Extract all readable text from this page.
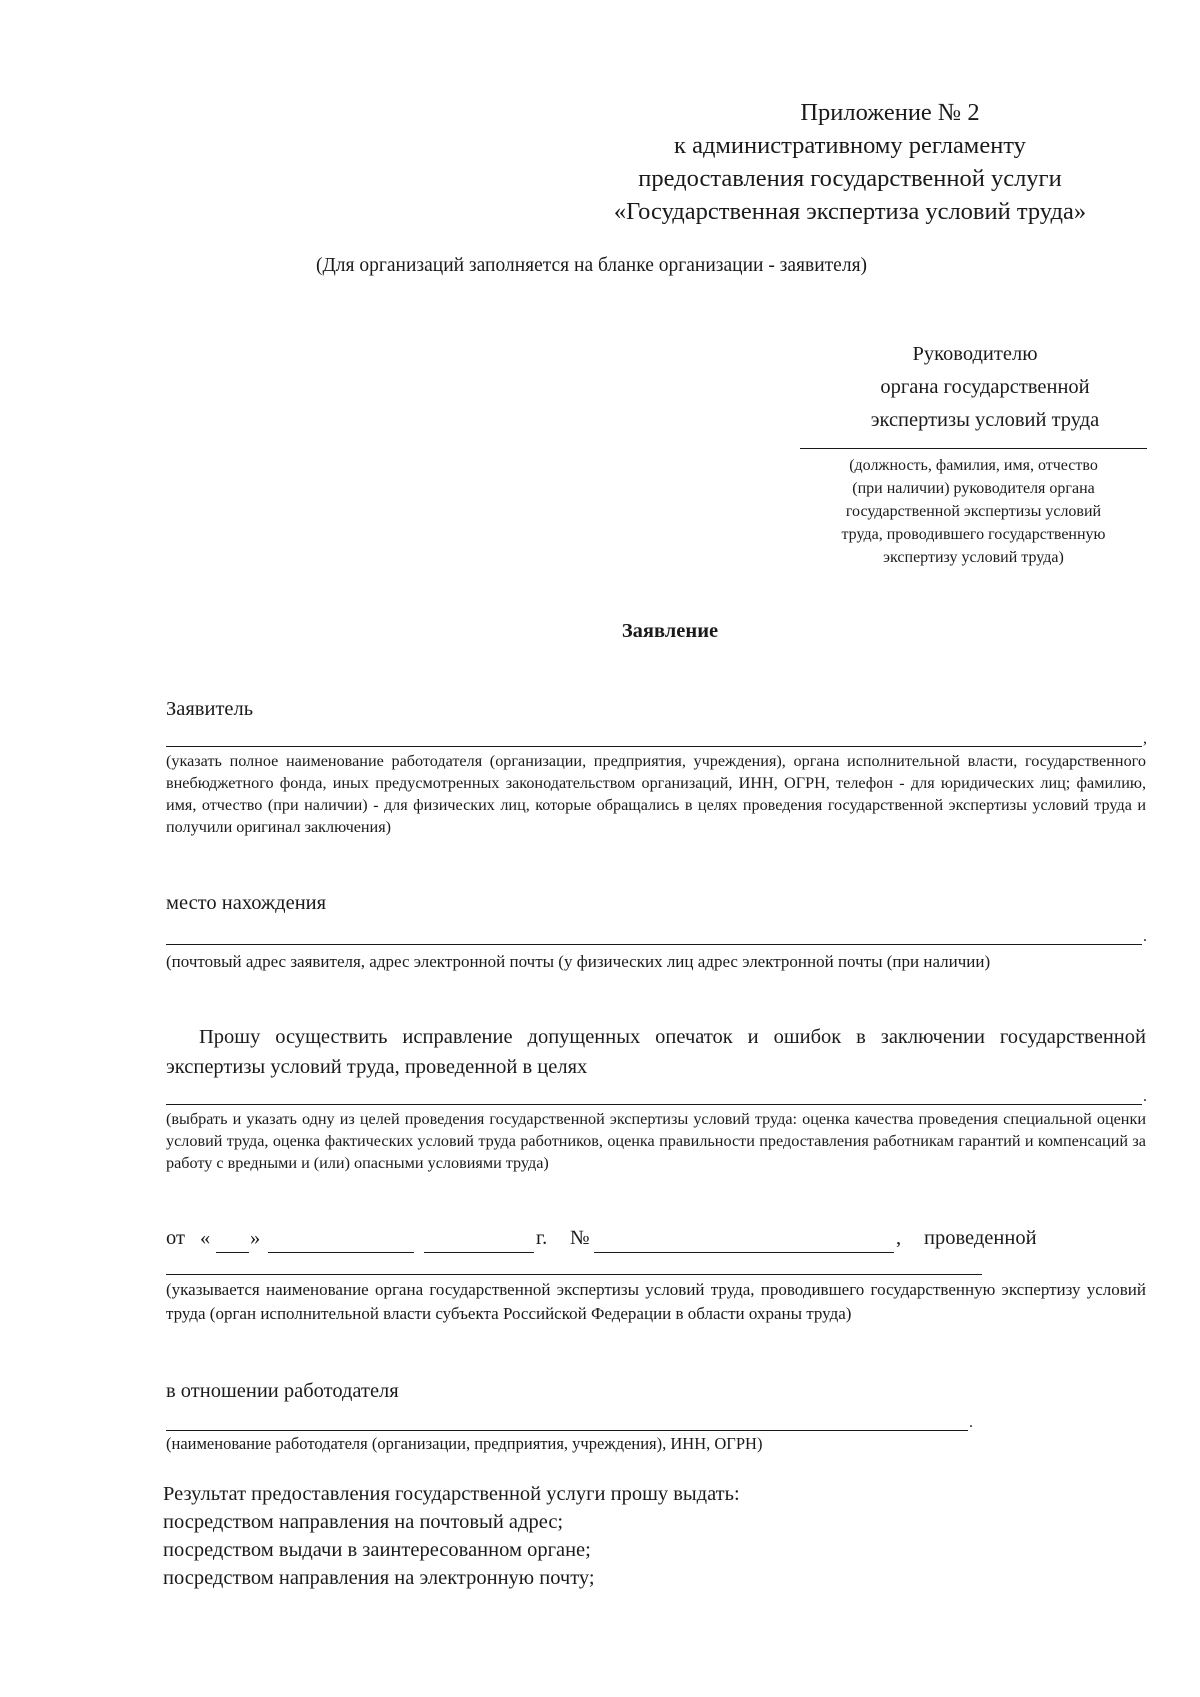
Приложение № 2
к административному регламенту
предоставления государственной услуги
«Государственная экспертиза условий труда»
(Для организаций заполняется на бланке организации - заявителя)
Руководителю
органа государственной
экспертизы условий труда
(должность, фамилия, имя, отчество
(при наличии) руководителя органа
государственной экспертизы условий
труда, проводившего государственную
экспертизу условий труда)
Заявление
Заявитель
,
(указать полное наименование работодателя (организации, предприятия, учреждения), органа исполнительной власти, государственного внебюджетного фонда, иных предусмотренных законодательством организаций, ИНН, ОГРН, телефон - для юридических лиц; фамилию, имя, отчество (при наличии) - для физических лиц, которые обращались в целях проведения государственной экспертизы условий труда и получили оригинал заключения)
место нахождения
.
(почтовый адрес заявителя, адрес электронной почты (у физических лиц адрес электронной почты (при наличии)
Прошу осуществить исправление допущенных опечаток и ошибок в заключении государственной экспертизы условий труда, проведенной в целях
.
(выбрать и указать одну из целей проведения государственной экспертизы условий труда: оценка качества проведения специальной оценки условий труда, оценка фактических условий труда работников, оценка правильности предоставления работникам гарантий и компенсаций за работу с вредными и (или) опасными условиями труда)
от « »	г. №	, проведенной
(указывается наименование органа государственной экспертизы условий труда, проводившего государственную экспертизу условий труда (орган исполнительной власти субъекта Российской Федерации в области охраны труда)
в отношении работодателя
.
(наименование работодателя (организации, предприятия, учреждения), ИНН, ОГРН)
Результат предоставления государственной услуги прошу выдать:
посредством направления на почтовый адрес;
посредством выдачи в заинтересованном органе;
посредством направления на электронную почту;
